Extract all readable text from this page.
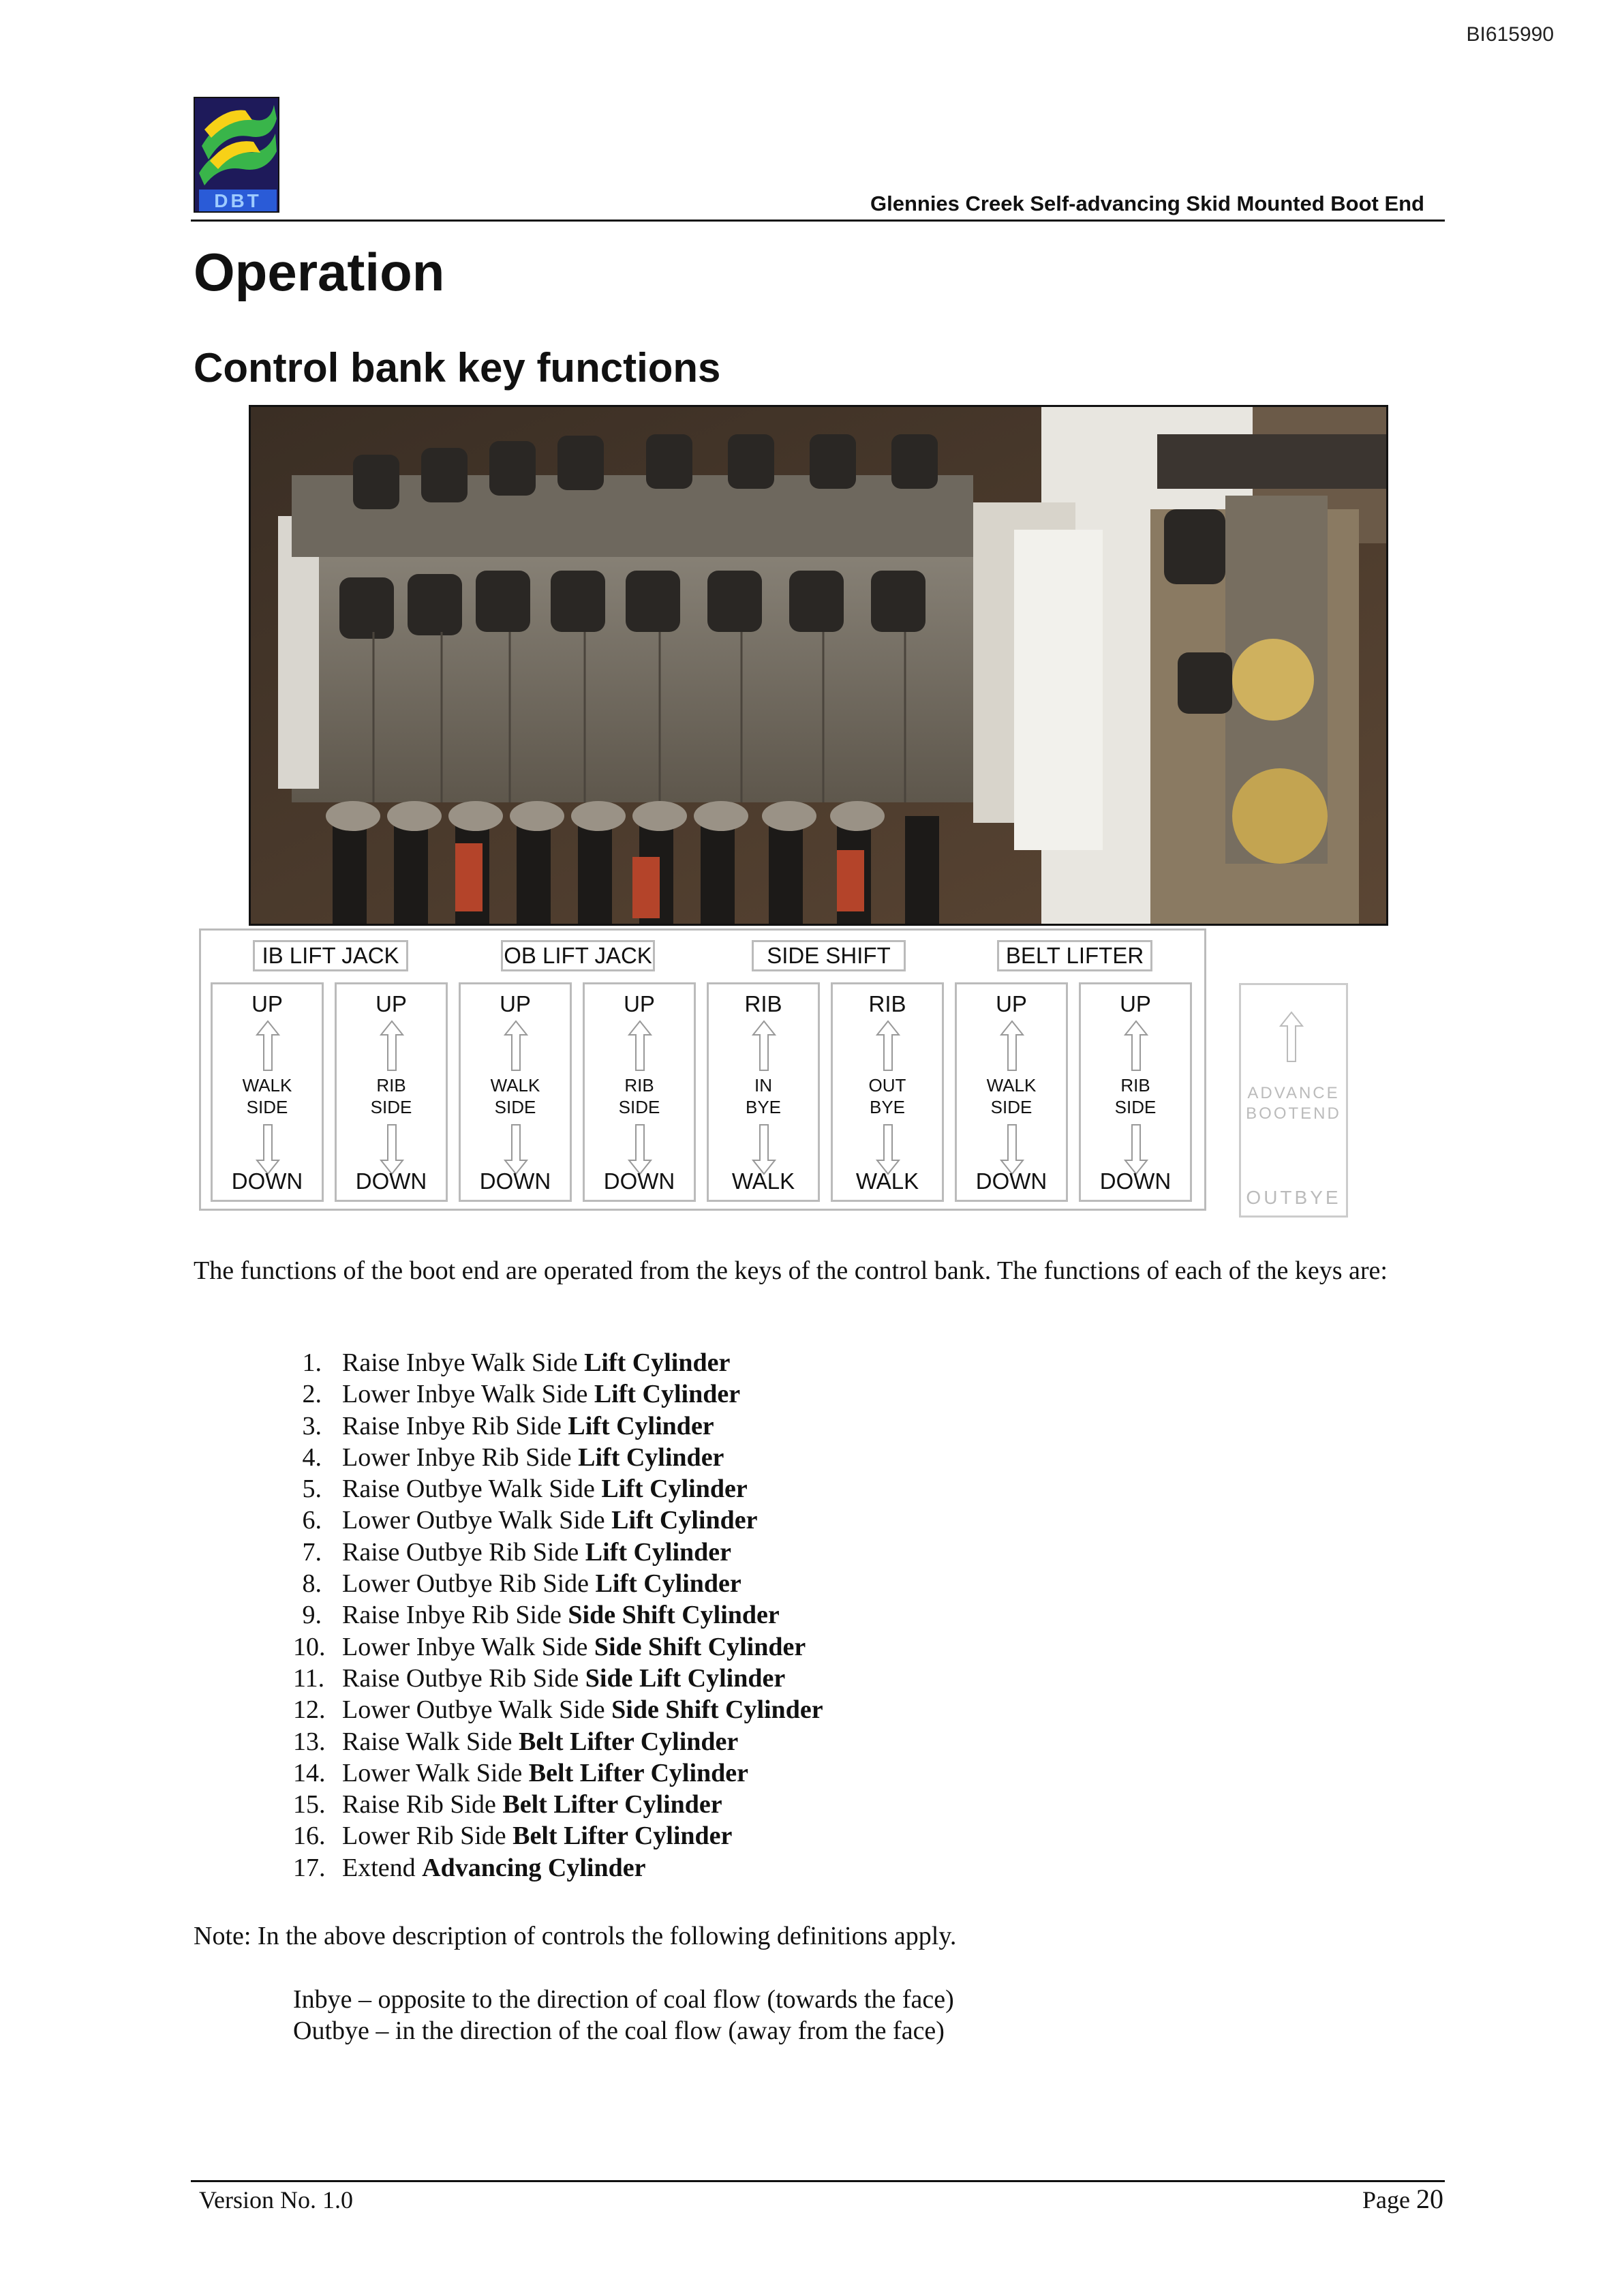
BI615990
DBT	Glennies Creek Self-advancing Skid Mounted Boot End
Operation
Control bank key functions
IB LIFT JACK	OB LIFT JACK	SIDE SHIFT	BELT LIFTER
UP
WALK
SIDE
DOWN
UP
RIB
SIDE
DOWN
UP
WALK
SIDE
DOWN
UP
RIB
SIDE
DOWN
RIB
IN
BYE
WALK
RIB
OUT
BYE
WALK
UP
WALK
SIDE
DOWN
UP
RIB
SIDE
DOWN
ADVANCE
BOOTEND
OUTBYE

The functions of the boot end are operated from the keys of the control bank. The functions of each of the keys are:

1. Raise Inbye Walk Side Lift Cylinder
2. Lower Inbye Walk Side Lift Cylinder
3. Raise Inbye Rib Side Lift Cylinder
4. Lower Inbye Rib Side Lift Cylinder
5. Raise Outbye Walk Side Lift Cylinder
6. Lower Outbye Walk Side Lift Cylinder
7. Raise Outbye Rib Side Lift Cylinder
8. Lower Outbye Rib Side Lift Cylinder
9. Raise Inbye Rib Side Side Shift Cylinder
10. Lower Inbye Walk Side Side Shift Cylinder
11. Raise Outbye Rib Side Side Lift Cylinder
12. Lower Outbye Walk Side Side Shift Cylinder
13. Raise Walk Side Belt Lifter Cylinder
14. Lower Walk Side Belt Lifter Cylinder
15. Raise Rib Side Belt Lifter Cylinder
16. Lower Rib Side Belt Lifter Cylinder
17. Extend Advancing Cylinder

Note: In the above description of controls the following definitions apply.

Inbye – opposite to the direction of coal flow (towards the face)
Outbye – in the direction of the coal flow (away from the face)
Version No. 1.0	Page 20
